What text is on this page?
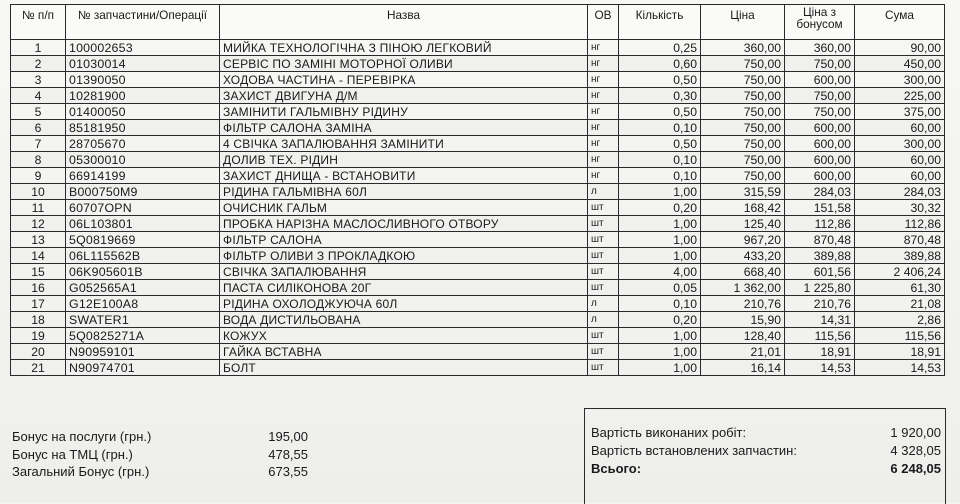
№ п/п	№ запчастини/Операції	Назва	ОВ	Кількість	Ціна	Ціна з бонусом	Сума
1	100002653	МИЙКА ТЕХНОЛОГІЧНА З ПІНОЮ ЛЕГКОВИЙ	нг	0,25	360,00	360,00	90,00
2	01030014	СЕРВІС ПО ЗАМІНІ МОТОРНОЇ ОЛИВИ	нг	0,60	750,00	750,00	450,00
3	01390050	ХОДОВА ЧАСТИНА - ПЕРЕВІРКА	нг	0,50	750,00	600,00	300,00
4	10281900	ЗАХИСТ ДВИГУНА Д/М	нг	0,30	750,00	750,00	225,00
5	01400050	ЗАМІНИТИ ГАЛЬМІВНУ РІДИНУ	нг	0,50	750,00	750,00	375,00
6	85181950	ФІЛЬТР САЛОНА ЗАМІНА	нг	0,10	750,00	600,00	60,00
7	28705670	4 СВІЧКА ЗАПАЛЮВАННЯ ЗАМІНИТИ	нг	0,50	750,00	600,00	300,00
8	05300010	ДОЛИВ ТЕХ. РІДИН	нг	0,10	750,00	600,00	60,00
9	66914199	ЗАХИСТ ДНИЩА - ВСТАНОВИТИ	нг	0,10	750,00	600,00	60,00
10	B000750M9	РІДИНА ГАЛЬМІВНА 60Л	л	1,00	315,59	284,03	284,03
11	60707OPN	ОЧИСНИК ГАЛЬМ	шт	0,20	168,42	151,58	30,32
12	06L103801	ПРОБКА НАРІЗНА МАСЛОСЛИВНОГО ОТВОРУ	шт	1,00	125,40	112,86	112,86
13	5Q0819669	ФІЛЬТР САЛОНА	шт	1,00	967,20	870,48	870,48
14	06L115562B	ФІЛЬТР ОЛИВИ З ПРОКЛАДКОЮ	шт	1,00	433,20	389,88	389,88
15	06K905601B	СВІЧКА ЗАПАЛЮВАННЯ	шт	4,00	668,40	601,56	2 406,24
16	G052565A1	ПАСТА СИЛІКОНОВА 20Г	шт	0,05	1 362,00	1 225,80	61,30
17	G12E100A8	РІДИНА ОХОЛОДЖУЮЧА 60Л	л	0,10	210,76	210,76	21,08
18	SWATER1	ВОДА ДИСТИЛЬОВАНА	л	0,20	15,90	14,31	2,86
19	5Q0825271A	КОЖУХ	шт	1,00	128,40	115,56	115,56
20	N90959101	ГАЙКА ВСТАВНА	шт	1,00	21,01	18,91	18,91
21	N90974701	БОЛТ	шт	1,00	16,14	14,53	14,53
Бонус на послуги (грн.)	195,00
Бонус на ТМЦ (грн.)	478,55
Загальний Бонус (грн.)	673,55
Вартість виконаних робіт:	1 920,00
Вартість встановлених запчастин:	4 328,05
Всього:	6 248,05
